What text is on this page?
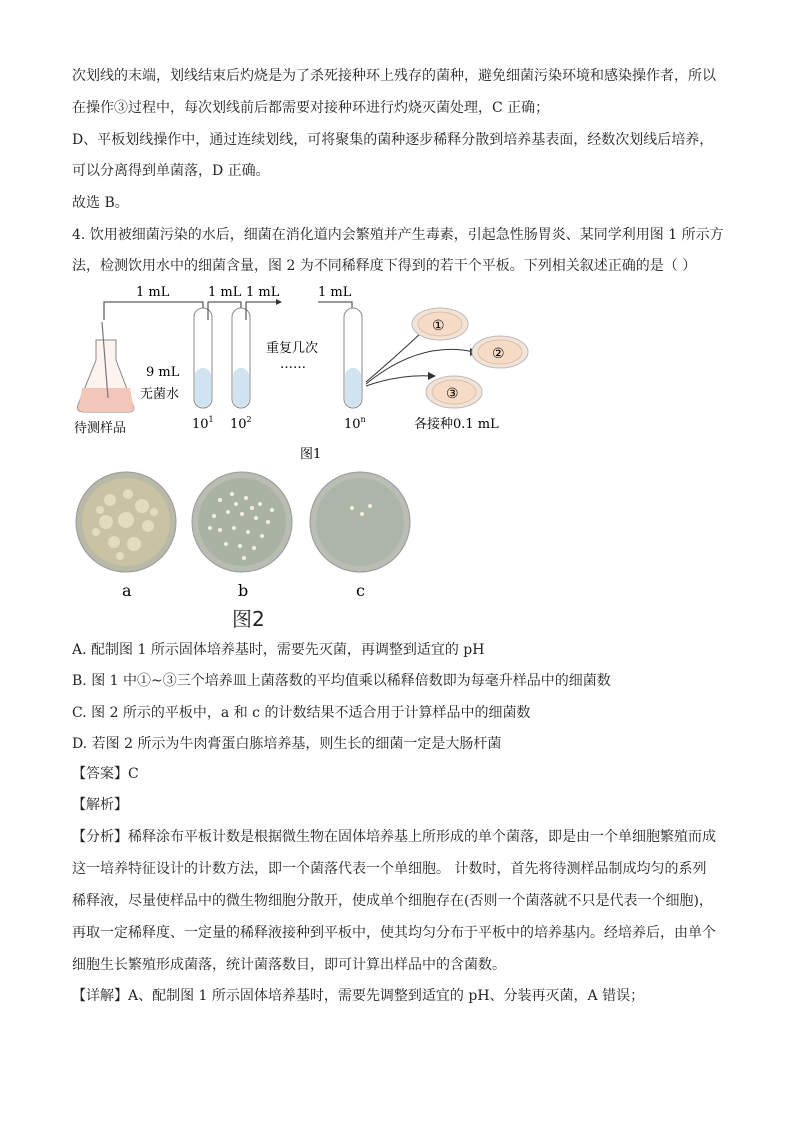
次划线的末端，划线结束后灼烧是为了杀死接种环上残存的菌种，避免细菌污染环境和感染操作者，所以
在操作③过程中，每次划线前后都需要对接种环进行灼烧灭菌处理，C 正确；
D、平板划线操作中，通过连续划线，可将聚集的菌种逐步稀释分散到培养基表面，经数次划线后培养，
可以分离得到单菌落，D 正确。
故选 B。
4. 饮用被细菌污染的水后，细菌在消化道内会繁殖并产生毒素，引起急性肠胃炎、某同学利用图 1 所示方
法，检测饮用水中的细菌含量，图 2 为不同稀释度下得到的若干个平板。下列相关叙述正确的是（ ）
1 mL	1 mL 1 mL	1 mL
9 mL
无菌水
待测样品
重复几次
……
$10^1$ $10^2$	10$^n$
①
②
③
各接种0.1 mL
图1
a	b	c
图2
A. 配制图 1 所示固体培养基时，需要先灭菌，再调整到适宜的 pH
B. 图 1 中①~③三个培养皿上菌落数的平均值乘以稀释倍数即为每毫升样品中的细菌数
C. 图 2 所示的平板中，a 和 c 的计数结果不适合用于计算样品中的细菌数
D. 若图 2 所示为牛肉膏蛋白胨培养基，则生长的细菌一定是大肠杆菌
【答案】C
【解析】
【分析】稀释涂布平板计数是根据微生物在固体培养基上所形成的单个菌落，即是由一个单细胞繁殖而成
这一培养特征设计的计数方法，即一个菌落代表一个单细胞。 计数时，首先将待测样品制成均匀的系列
稀释液，尽量使样品中的微生物细胞分散开，使成单个细胞存在(否则一个菌落就不只是代表一个细胞)，
再取一定稀释度、一定量的稀释液接种到平板中，使其均匀分布于平板中的培养基内。经培养后，由单个
细胞生长繁殖形成菌落，统计菌落数目，即可计算出样品中的含菌数。
【详解】A、配制图 1 所示固体培养基时，需要先调整到适宜的 pH、分装再灭菌，A 错误；
